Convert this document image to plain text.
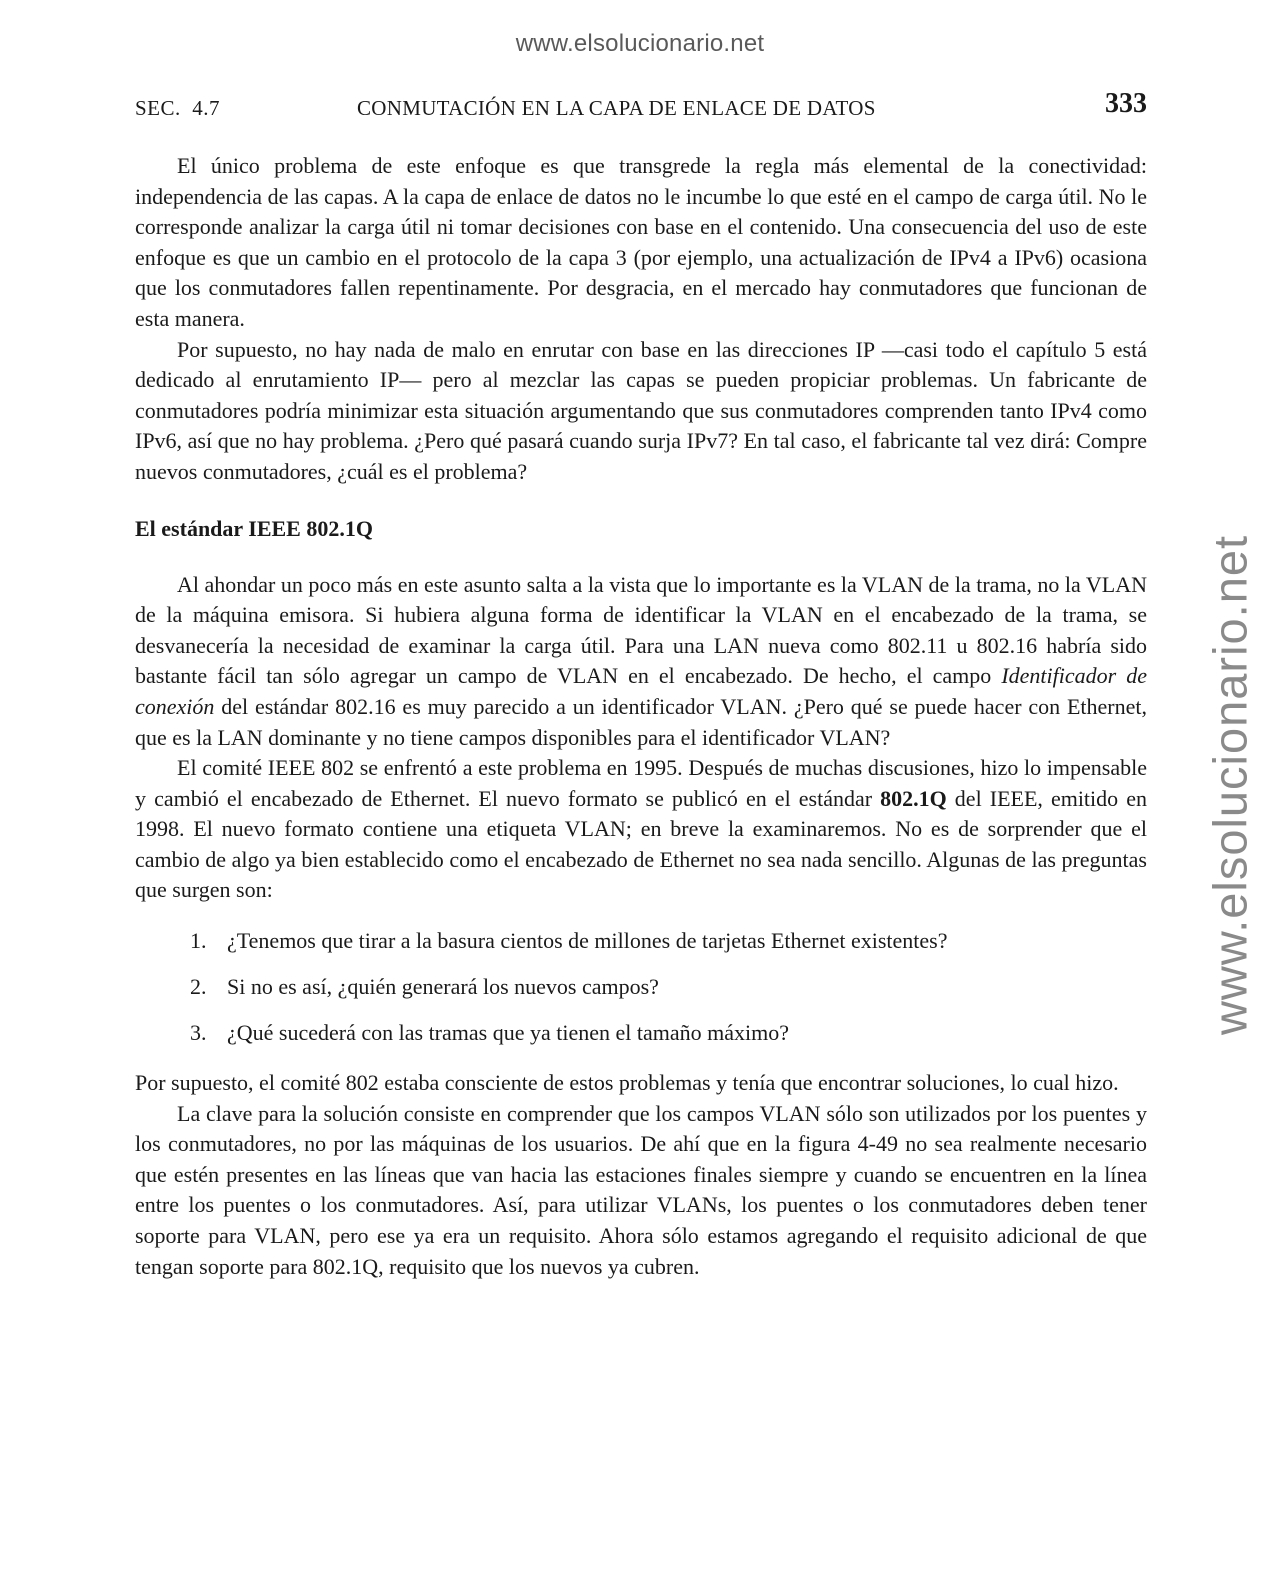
www.elsolucionario.net
www.elsolucionario.net
SEC.  4.7	CONMUTACIÓN EN LA CAPA DE ENLACE DE DATOS	333

El único problema de este enfoque es que transgrede la regla más elemental de la conectividad: independencia de las capas. A la capa de enlace de datos no le incumbe lo que esté en el campo de carga útil. No le corresponde analizar la carga útil ni tomar decisiones con base en el contenido. Una consecuencia del uso de este enfoque es que un cambio en el protocolo de la capa 3 (por ejemplo, una actualización de IPv4 a IPv6) ocasiona que los conmutadores fallen repentinamente. Por desgracia, en el mercado hay conmutadores que funcionan de esta manera.

Por supuesto, no hay nada de malo en enrutar con base en las direcciones IP —casi todo el capítulo 5 está dedicado al enrutamiento IP— pero al mezclar las capas se pueden propiciar problemas. Un fabricante de conmutadores podría minimizar esta situación argumentando que sus conmutadores comprenden tanto IPv4 como IPv6, así que no hay problema. ¿Pero qué pasará cuando surja IPv7? En tal caso, el fabricante tal vez dirá: Compre nuevos conmutadores, ¿cuál es el problema?

El estándar IEEE 802.1Q

Al ahondar un poco más en este asunto salta a la vista que lo importante es la VLAN de la trama, no la VLAN de la máquina emisora. Si hubiera alguna forma de identificar la VLAN en el encabezado de la trama, se desvanecería la necesidad de examinar la carga útil. Para una LAN nueva como 802.11 u 802.16 habría sido bastante fácil tan sólo agregar un campo de VLAN en el encabezado. De hecho, el campo Identificador de conexión del estándar 802.16 es muy parecido a un identificador VLAN. ¿Pero qué se puede hacer con Ethernet, que es la LAN dominante y no tiene campos disponibles para el identificador VLAN?

El comité IEEE 802 se enfrentó a este problema en 1995. Después de muchas discusiones, hizo lo impensable y cambió el encabezado de Ethernet. El nuevo formato se publicó en el estándar 802.1Q del IEEE, emitido en 1998. El nuevo formato contiene una etiqueta VLAN; en breve la examinaremos. No es de sorprender que el cambio de algo ya bien establecido como el encabezado de Ethernet no sea nada sencillo. Algunas de las preguntas que surgen son:

1. ¿Tenemos que tirar a la basura cientos de millones de tarjetas Ethernet existentes?
2. Si no es así, ¿quién generará los nuevos campos?
3. ¿Qué sucederá con las tramas que ya tienen el tamaño máximo?

Por supuesto, el comité 802 estaba consciente de estos problemas y tenía que encontrar soluciones, lo cual hizo.

La clave para la solución consiste en comprender que los campos VLAN sólo son utilizados por los puentes y los conmutadores, no por las máquinas de los usuarios. De ahí que en la figura 4-49 no sea realmente necesario que estén presentes en las líneas que van hacia las estaciones finales siempre y cuando se encuentren en la línea entre los puentes o los conmutadores. Así, para utilizar VLANs, los puentes o los conmutadores deben tener soporte para VLAN, pero ese ya era un requisito. Ahora sólo estamos agregando el requisito adicional de que tengan soporte para 802.1Q, requisito que los nuevos ya cubren.
